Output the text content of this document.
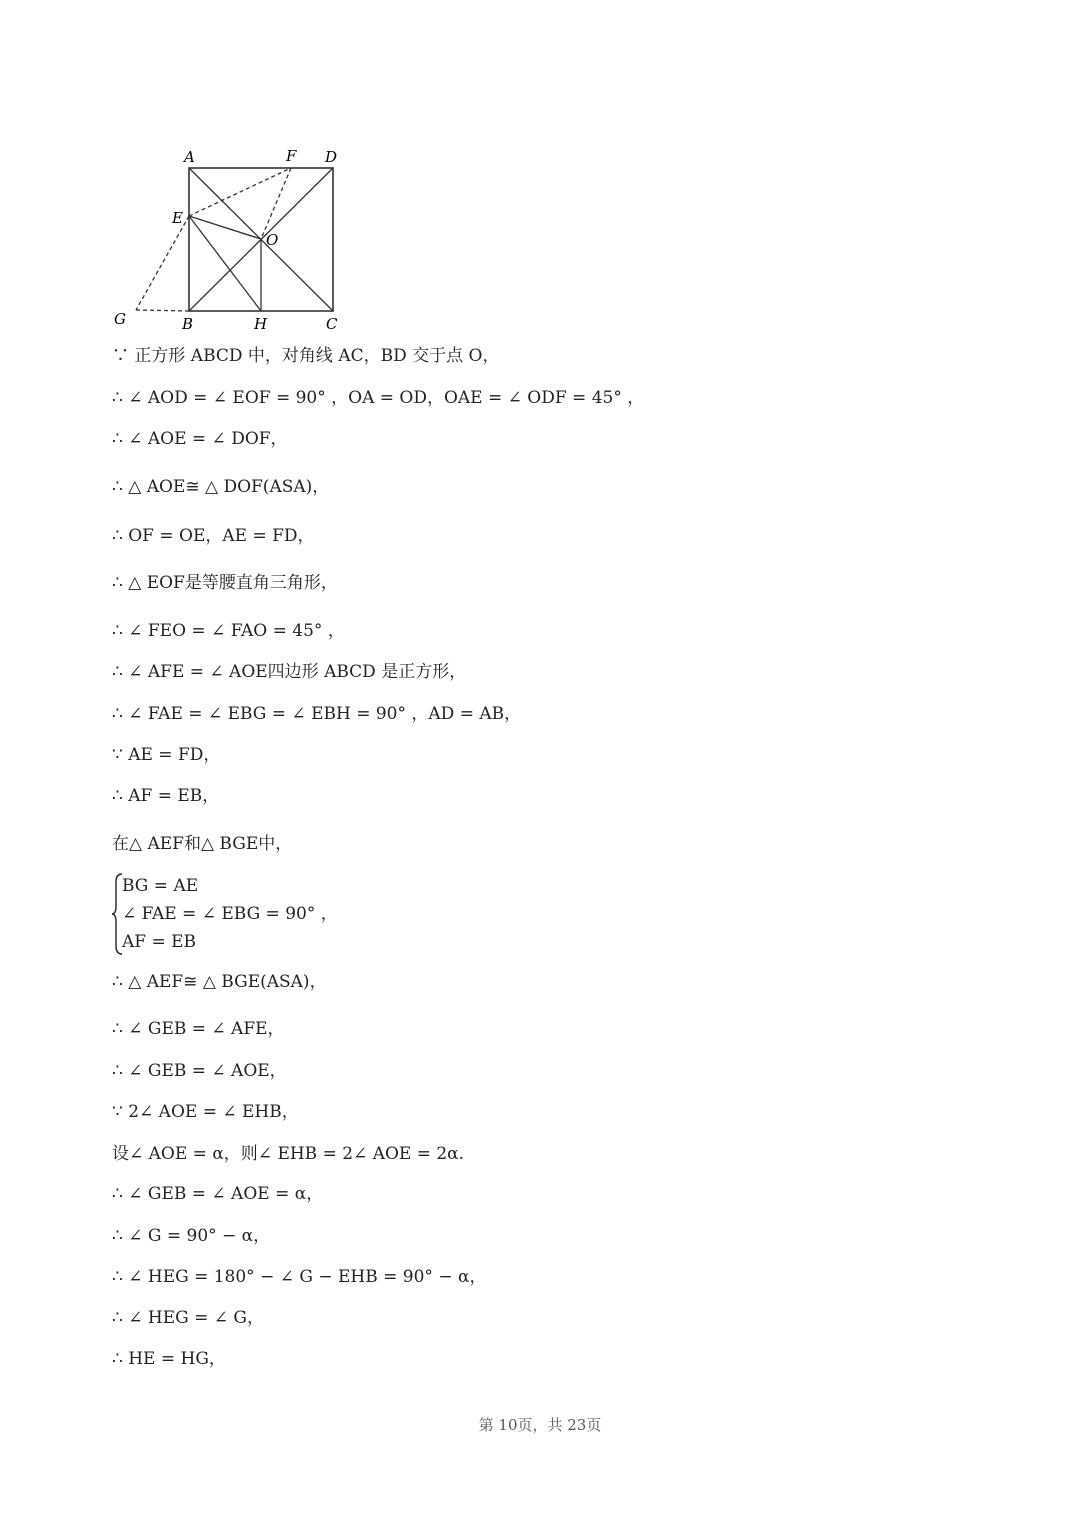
A	F D
E
O
G	B	H	C
∵ 正方形 ABCD 中，对角线 AC，BD 交于点 O，
∴ ∠ AOD = ∠ EOF = 90° ，OA = OD，OAE = ∠ ODF = 45° ，
∴ ∠ AOE = ∠ DOF，
∴ △ AOE≅ △ DOF(ASA)，
∴ OF = OE，AE = FD，
∴ △ EOF是等腰直角三角形，
∴ ∠ FEO = ∠ FAO = 45° ，
∴ ∠ AFE = ∠ AOE四边形 ABCD 是正方形，
∴ ∠ FAE = ∠ EBG = ∠ EBH = 90° ，AD = AB，
∵ AE = FD，
∴ AF = EB，
在△ AEF和△ BGE中，
BG = AE
∠ FAE = ∠ EBG = 90° ，
AF = EB
∴ △ AEF≅ △ BGE(ASA)，
∴ ∠ GEB = ∠ AFE，
∴ ∠ GEB = ∠ AOE，
∵ 2∠ AOE = ∠ EHB，
设∠ AOE = α，则∠ EHB = 2∠ AOE = 2α.
∴ ∠ GEB = ∠ AOE = α，
∴ ∠ G = 90° − α，
∴ ∠ HEG = 180° − ∠ G − EHB = 90° − α，
∴ ∠ HEG = ∠ G，
∴ HE = HG，
第 10页，共 23页
